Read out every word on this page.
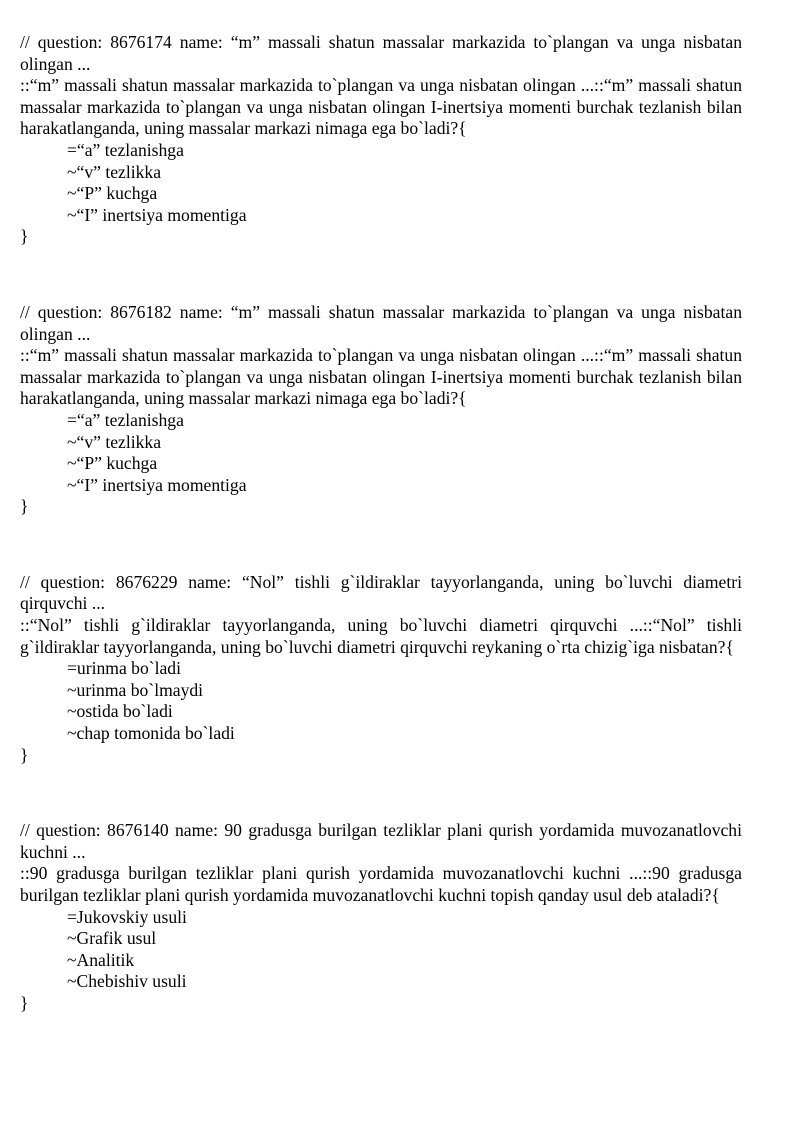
// question: 8676174 name: “m” massali shatun massalar markazida to`plangan va unga nisbatan olingan ...

::“m” massali shatun massalar markazida to`plangan va unga nisbatan olingan ...::“m” massali shatun massalar markazida to`plangan va unga nisbatan olingan I-inertsiya momenti burchak tezlanish bilan harakatlanganda, uning massalar markazi nimaga ega bo`ladi?{

=“a” tezlanishga
~“v” tezlikka
~“P” kuchga
~“I” inertsiya momentiga

}

// question: 8676182 name: “m” massali shatun massalar markazida to`plangan va unga nisbatan olingan ...

::“m” massali shatun massalar markazida to`plangan va unga nisbatan olingan ...::“m” massali shatun massalar markazida to`plangan va unga nisbatan olingan I-inertsiya momenti burchak tezlanish bilan harakatlanganda, uning massalar markazi nimaga ega bo`ladi?{

=“a” tezlanishga
~“v” tezlikka
~“P” kuchga
~“I” inertsiya momentiga

}

// question: 8676229 name: “Nol” tishli g`ildiraklar tayyorlanganda, uning bo`luvchi diametri qirquvchi ...

::“Nol” tishli g`ildiraklar tayyorlanganda, uning bo`luvchi diametri qirquvchi ...::“Nol” tishli g`ildiraklar tayyorlanganda, uning bo`luvchi diametri qirquvchi reykaning o`rta chizig`iga nisbatan?{

=urinma bo`ladi
~urinma bo`lmaydi
~ostida bo`ladi
~chap tomonida bo`ladi

}

// question: 8676140 name: 90 gradusga burilgan tezliklar plani qurish yordamida muvozanatlovchi kuchni ...

::90 gradusga burilgan tezliklar plani qurish yordamida muvozanatlovchi kuchni ...::90 gradusga burilgan tezliklar plani qurish yordamida muvozanatlovchi kuchni topish qanday usul deb ataladi?{

=Jukovskiy usuli
~Grafik usul
~Analitik
~Chebishiv usuli

}
